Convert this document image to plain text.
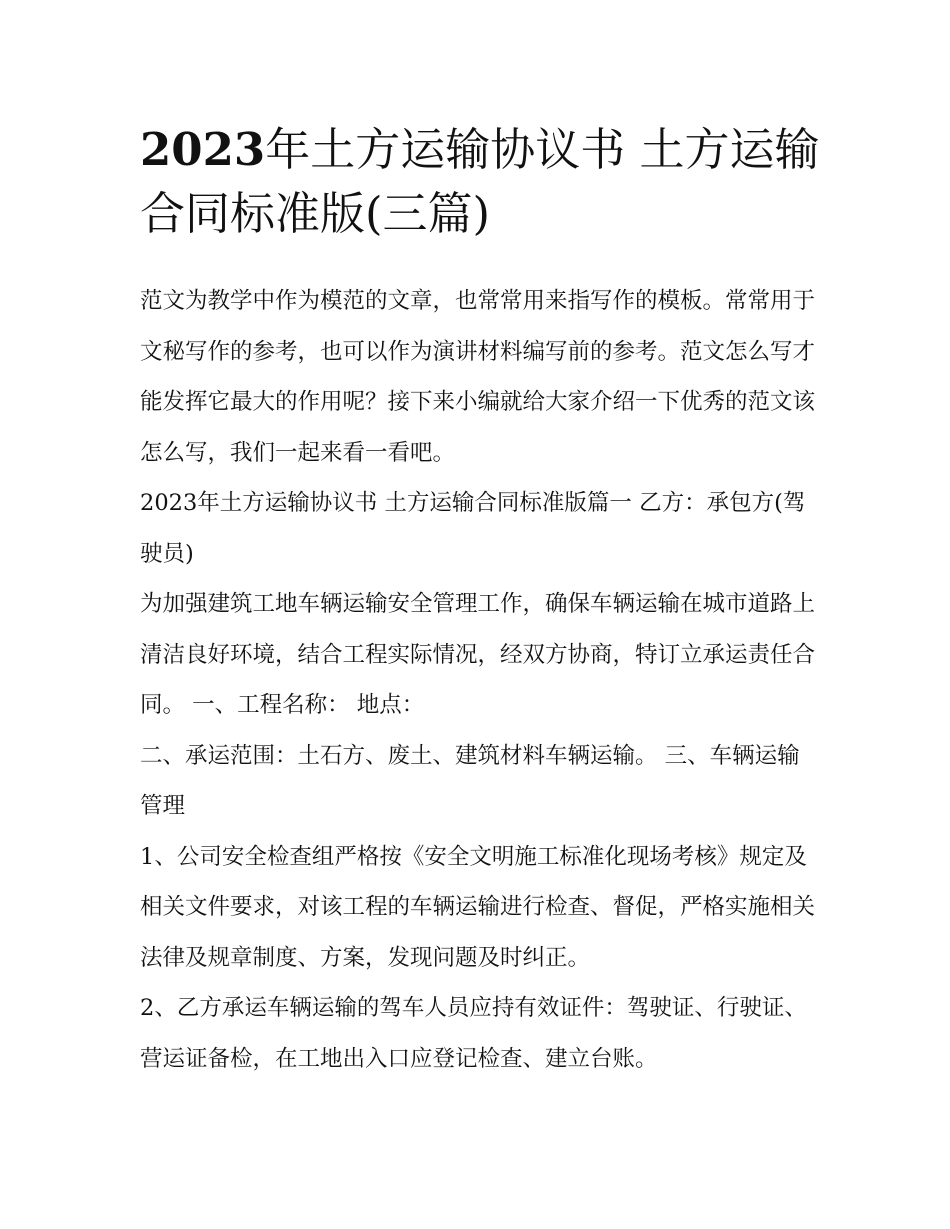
2023年土方运输协议书 土方运输合同标准版(三篇)

范文为教学中作为模范的文章，也常常用来指写作的模板。常常用于文秘写作的参考，也可以作为演讲材料编写前的参考。范文怎么写才能发挥它最大的作用呢？接下来小编就给大家介绍一下优秀的范文该怎么写，我们一起来看一看吧。

2023年土方运输协议书 土方运输合同标准版篇一 乙方：承包方(驾驶员)

为加强建筑工地车辆运输安全管理工作，确保车辆运输在城市道路上清洁良好环境，结合工程实际情况，经双方协商，特订立承运责任合同。 一、工程名称： 地点：

二、承运范围：土石方、废土、建筑材料车辆运输。 三、车辆运输管理

1、公司安全检查组严格按《安全文明施工标准化现场考核》规定及相关文件要求，对该工程的车辆运输进行检查、督促，严格实施相关法律及规章制度、方案，发现问题及时纠正。

2、乙方承运车辆运输的驾车人员应持有效证件：驾驶证、行驶证、营运证备检，在工地出入口应登记检查、建立台账。
